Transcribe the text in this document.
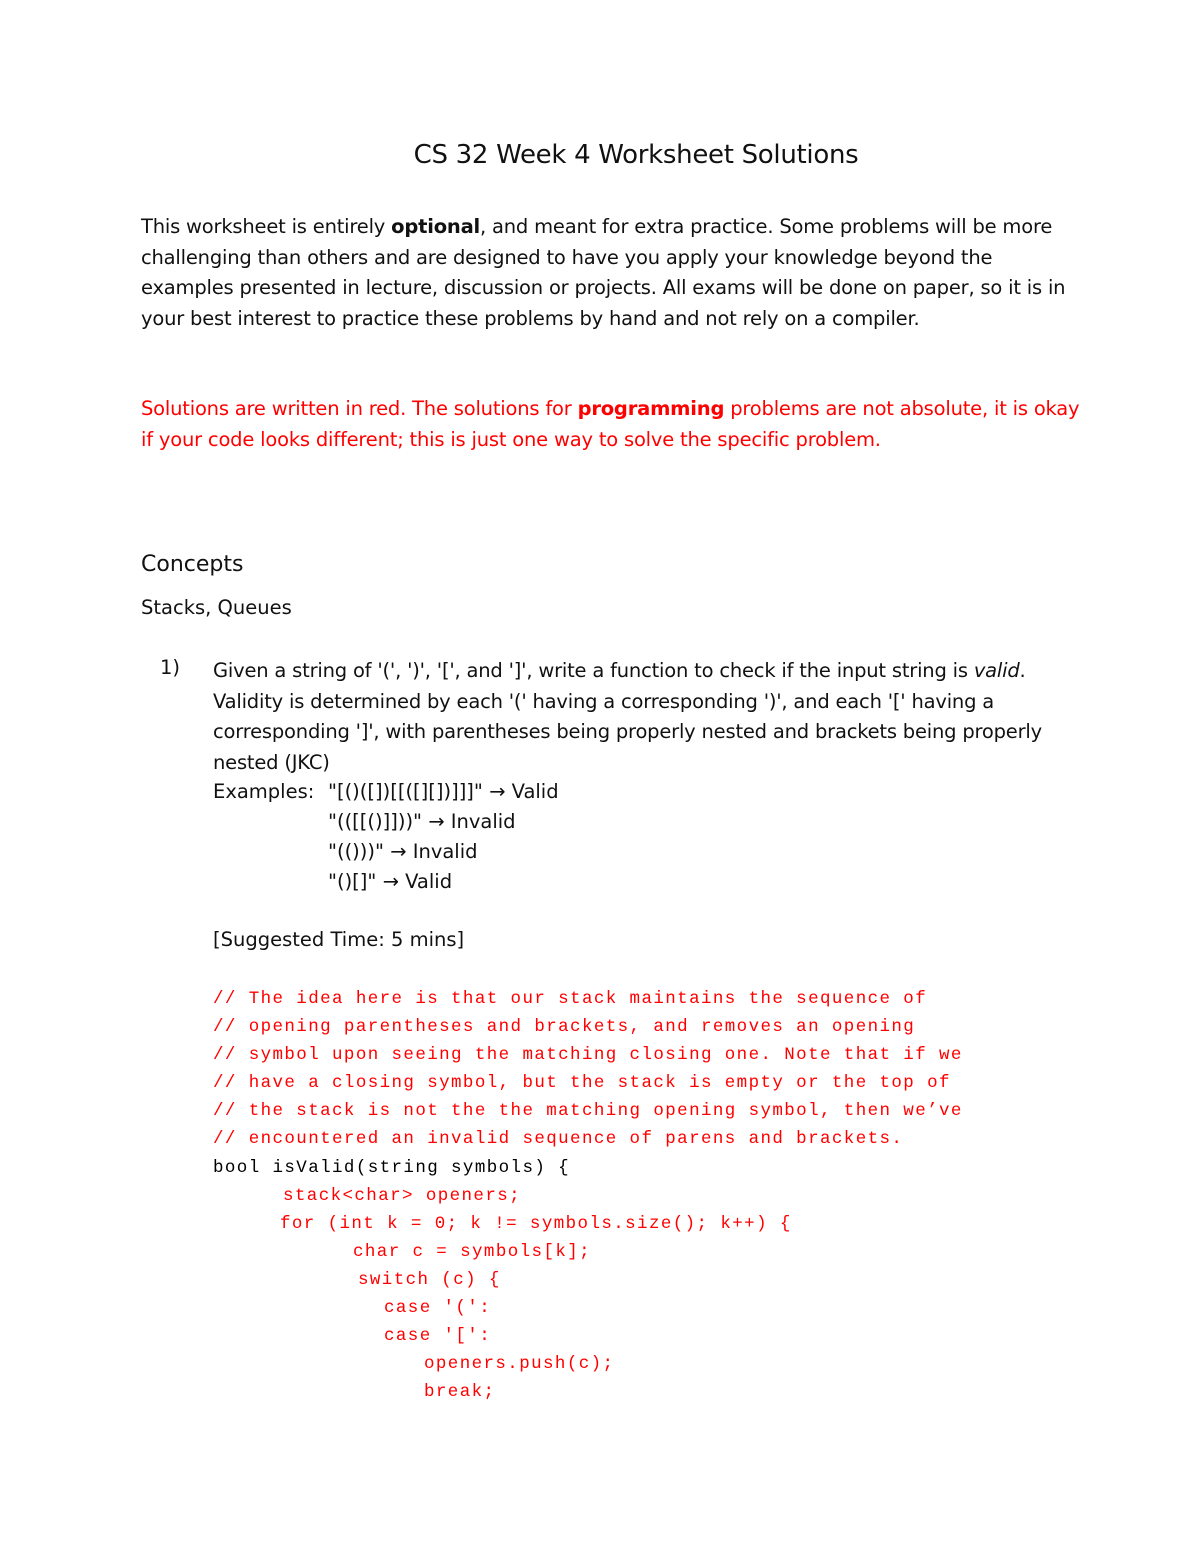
CS 32 Week 4 Worksheet Solutions

This worksheet is entirely optional, and meant for extra practice. Some problems will be more challenging than others and are designed to have you apply your knowledge beyond the examples presented in lecture, discussion or projects. All exams will be done on paper, so it is in your best interest to practice these problems by hand and not rely on a compiler.

Solutions are written in red. The solutions for programming problems are not absolute, it is okay if your code looks different; this is just one way to solve the specific problem.

Concepts
Stacks, Queues
1) Given a string of '(', ')', '[', and ']', write a function to check if the input string is valid. Validity is determined by each '(' having a corresponding ')', and each '[' having a corresponding ']', with parentheses being properly nested and brackets being properly nested (JKC)
Examples: "[()([])[[([][])]]]" → Valid
"(([[()]]))" → Invalid
"(()))" → Invalid
"()[]" → Valid
[Suggested Time: 5 mins]
// The idea here is that our stack maintains the sequence of
// opening parentheses and brackets, and removes an opening
// symbol upon seeing the matching closing one. Note that if we
// have a closing symbol, but the stack is empty or the top of
// the stack is not the the matching opening symbol, then we’ve
// encountered an invalid sequence of parens and brackets.
bool isValid(string symbols) {
stack<char> openers;
for (int k = 0; k != symbols.size(); k++) {
char c = symbols[k];
switch (c) {
case '(':
case '[':
openers.push(c);
break;
